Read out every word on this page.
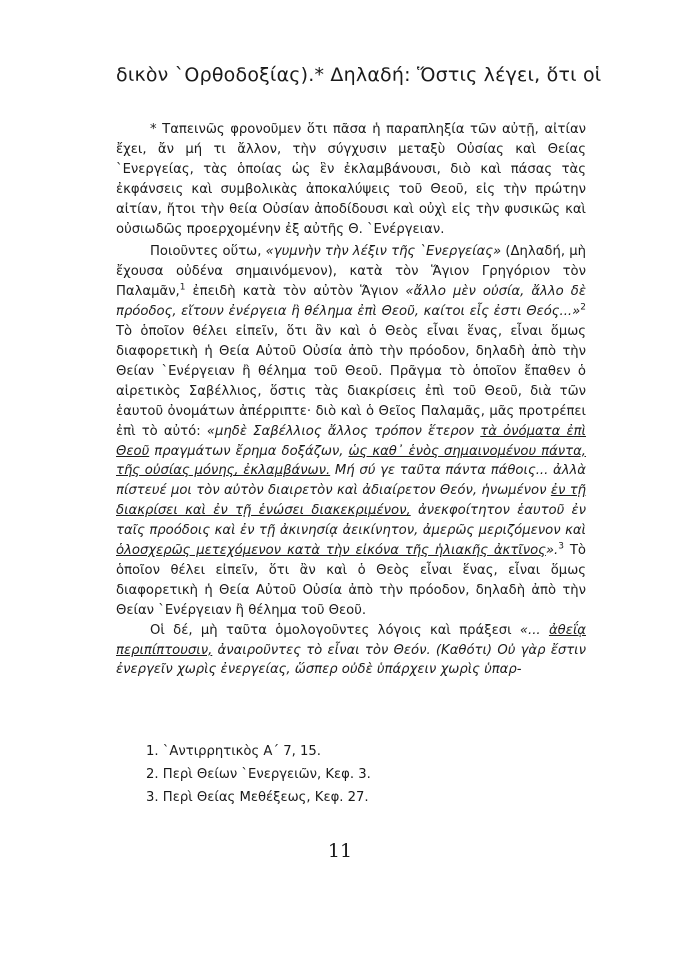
δικὸν `Ορθοδοξίας).* Δηλαδή: Ὅστις λέγει, ὅτι οἱ

* Ταπεινῶς φρονοῦμεν ὅτι πᾶσα ἡ παραπληξία τῶν αὐτῇ, αἰτίαν ἔχει, ἄν μή τι ἄλλον, τὴν σύγχυσιν μεταξὺ Οὐσίας καὶ Θείας `Ενεργείας, τὰς ὁποίας ὡς ἓν ἐκλαμβάνουσι, διὸ καὶ πάσας τὰς ἐκφάνσεις καὶ συμβολικὰς ἀποκαλύψεις τοῦ Θεοῦ, εἰς τὴν πρώτην αἰτίαν, ἤτοι τὴν θεία Οὐσίαν ἀποδίδουσι καὶ οὐχὶ εἰς τὴν φυσικῶς καὶ οὐσιωδῶς προερχομένην ἐξ αὐτῆς Θ. `Ενέργειαν.

Ποιοῦντες οὕτω, «γυμνὴν τὴν λέξιν τῆς `Ενεργείας» (Δηλαδή, μὴ ἔχουσα οὐδένα σημαινόμενον), κατὰ τὸν Ἅγιον Γρηγόριον τὸν Παλαμᾶν,$^1$ ἐπειδὴ κατὰ τὸν αὐτὸν Ἅγιον «ἄλλο μὲν οὐσία, ἄλλο δὲ πρόοδος, εἴτουν ἐνέργεια ἢ θέλημα ἐπὶ Θεοῦ, καίτοι εἷς ἐστι Θεός...»$^2$ Τὸ ὁποῖον θέλει εἰπεῖν, ὅτι ἂν καὶ ὁ Θεὸς εἶναι ἕνας, εἶναι ὅμως διαφορετικὴ ἡ Θεία Αὐτοῦ Οὐσία ἀπὸ τὴν πρόοδον, δηλαδὴ ἀπὸ τὴν Θείαν `Ενέργειαν ἢ θέλημα τοῦ Θεοῦ. Πρᾶγμα τὸ ὁποῖον ἔπαθεν ὁ αἱρετικὸς Σαβέλλιος, ὅστις τὰς διακρίσεις ἐπὶ τοῦ Θεοῦ, διὰ τῶν ἑαυτοῦ ὀνομάτων ἀπέρριπτε· διὸ καὶ ὁ Θεῖος Παλαμᾶς, μᾶς προτρέπει ἐπὶ τὸ αὐτό: «μηδὲ Σαβέλλιος ἄλλος τρόπον ἕτερον τὰ ὀνόματα ἐπὶ Θεοῦ πραγμάτων ἔρημα δοξάζων, ὡς καθ᾽ ἑνὸς σημαινομένου πάντα, τῆς οὐσίας μόνης, ἐκλαμβάνων. Μή σύ γε ταῦτα πάντα πάθοις... ἀλλὰ πίστευέ μοι τὸν αὐτὸν διαιρετὸν καὶ ἀδιαίρετον Θεόν, ἡνωμένον ἐν τῇ διακρίσει καὶ ἐν τῇ ἑνώσει διακεκριμένον, ἀνεκφοίτητον ἑαυτοῦ ἐν ταῖς προόδοις καὶ ἐν τῇ ἀκινησίᾳ ἀεικίνητον, ἀμερῶς μεριζόμενον καὶ ὁλοσχερῶς μετεχόμενον κατὰ τὴν εἰκόνα τῆς ἡλιακῆς ἀκτῖνος».$^3$ Τὸ ὁποῖον θέλει εἰπεῖν, ὅτι ἂν καὶ ὁ Θεὸς εἶναι ἕνας, εἶναι ὅμως διαφορετικὴ ἡ Θεία Αὐτοῦ Οὐσία ἀπὸ τὴν πρόοδον, δηλαδὴ ἀπὸ τὴν Θείαν `Ενέργειαν ἢ θέλημα τοῦ Θεοῦ.

Οἱ δέ, μὴ ταῦτα ὁμολογοῦντες λόγοις καὶ πράξεσι «... ἀθεΐᾳ περιπίπτουσιν, ἀναιροῦντες τὸ εἶναι τὸν Θεόν. (Καθότι) Οὐ γὰρ ἔστιν ἐνεργεῖν χωρὶς ἐνεργείας, ὥσπερ οὐδὲ ὑπάρχειν χωρὶς ὑπαρ-

1. `Αντιρρητικὸς Α΄ 7, 15.
2. Περὶ Θείων `Ενεργειῶν, Κεφ. 3.
3. Περὶ Θείας Μεθέξεως, Κεφ. 27.
11
